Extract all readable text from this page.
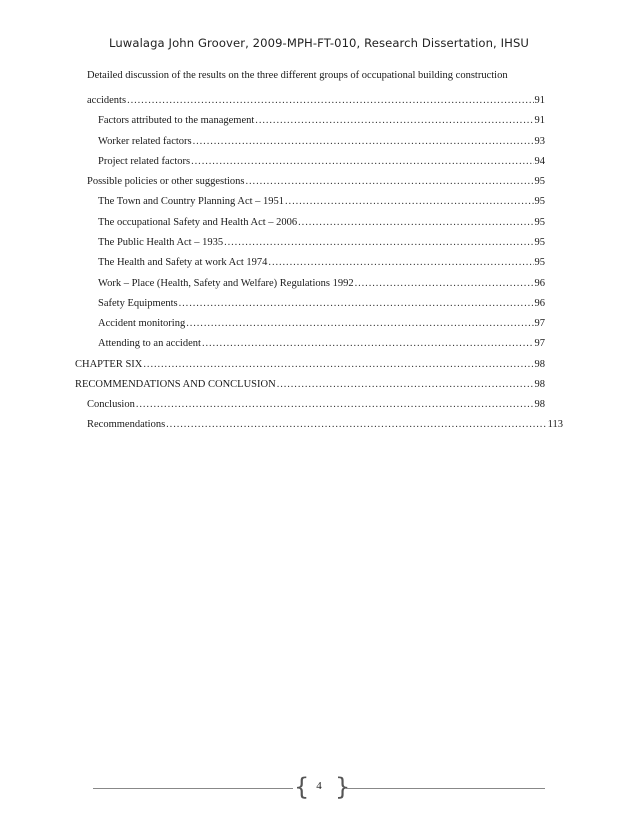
Luwalaga John Groover, 2009-MPH-FT-010, Research Dissertation, IHSU
Detailed discussion of the results on the three different groups of occupational building construction
accidents .....	91
Factors attributed to the management .....	91
Worker related factors .....	93
Project related factors .....	94
Possible policies or other suggestions .....	95
The Town and Country Planning Act – 1951 .....	95
The occupational Safety and Health Act – 2006 .....	95
The Public Health Act – 1935 .....	95
The Health and Safety at work Act 1974 .....	95
Work – Place (Health, Safety and Welfare) Regulations 1992 .....	96
Safety Equipments .....	96
Accident monitoring .....	97
Attending to an accident .....	97
CHAPTER SIX .....	98
RECOMMENDATIONS AND CONCLUSION .....	98
Conclusion .....	98
Recommendations .....	113
{ 4 }
